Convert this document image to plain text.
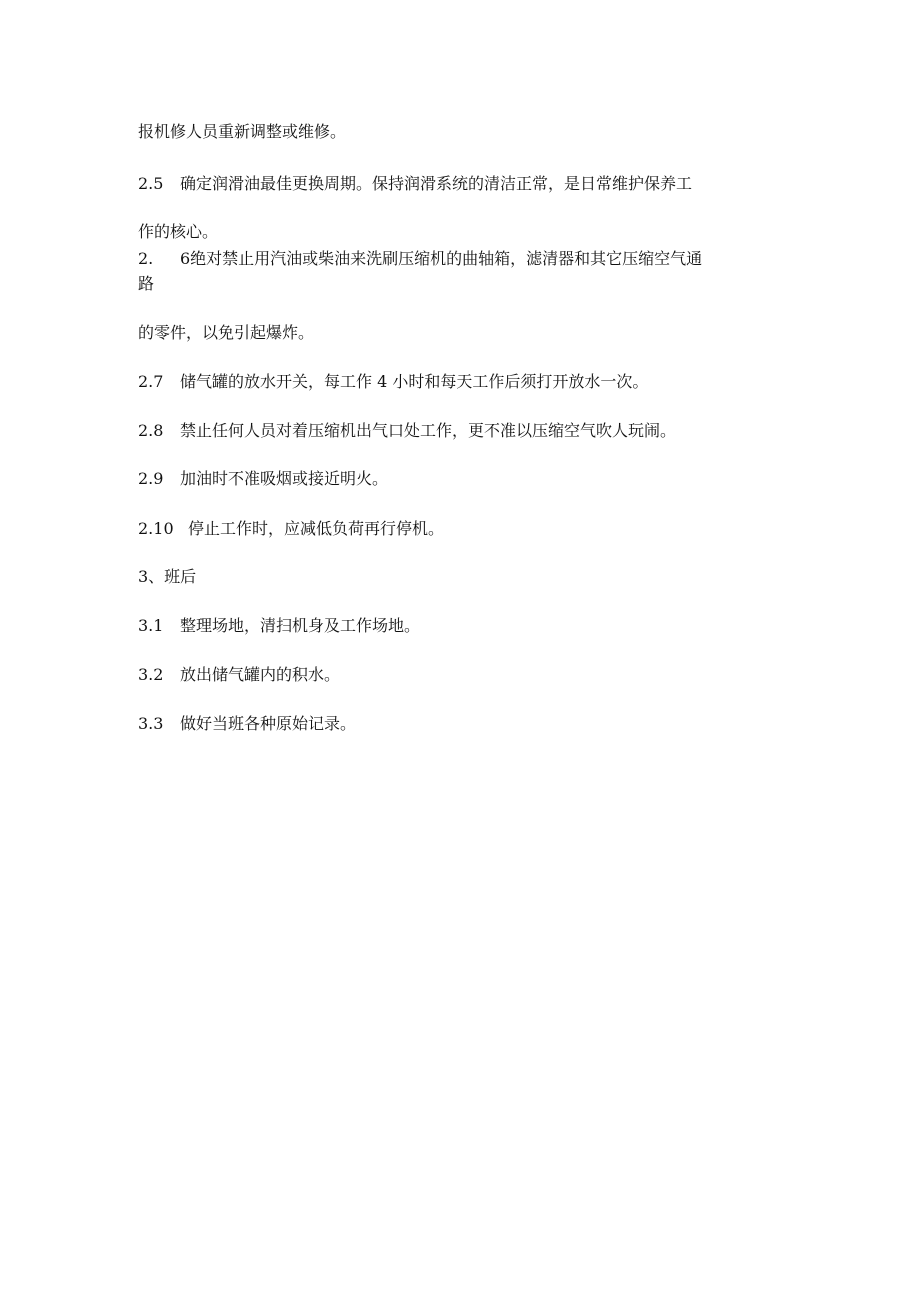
报机修人员重新调整或维修。
2.5 确定润滑油最佳更换周期。保持润滑系统的清洁正常，是日常维护保养工
作的核心。
2. 6绝对禁止用汽油或柴油来洗刷压缩机的曲轴箱，滤清器和其它压缩空气通
路
的零件，以免引起爆炸。
2.7 储气罐的放水开关，每工作 4 小时和每天工作后须打开放水一次。
2.8 禁止任何人员对着压缩机出气口处工作，更不准以压缩空气吹人玩闹。
2.9 加油时不准吸烟或接近明火。
2.10 停止工作时，应减低负荷再行停机。
3、班后
3.1 整理场地，清扫机身及工作场地。
3.2 放出储气罐内的积水。
3.3 做好当班各种原始记录。
